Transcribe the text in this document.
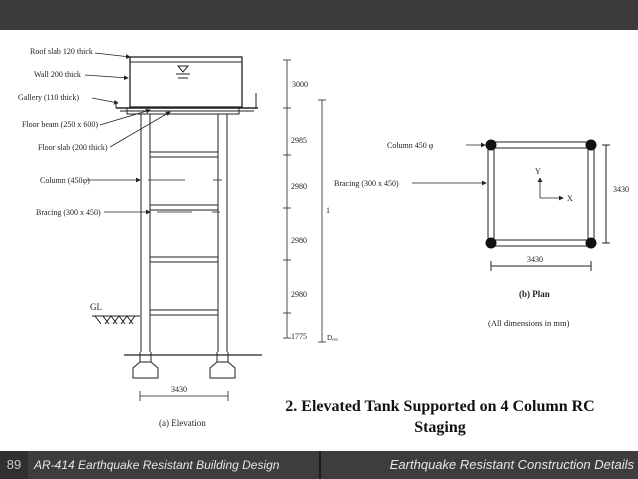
Roof slab 120 thick
Wall 200 thick
Gallery (110 thick)
Floor beam (250 x 600)
Floor slab (200 thick)
Column (450φ)
Bracing (300 x 450)
GL
3000
2985
2980
2980
2980
1775
1
Dₒₒₒ
3430
(a) Elevation
Column 450 φ
Bracing (300 x 450)
Y
X
3430
3430
(b) Plan
(All dimensions in mm)
2. Elevated Tank Supported on 4 Column RC
Staging
89	AR-414 Earthquake Resistant Building Design	Earthquake Resistant Construction Details
